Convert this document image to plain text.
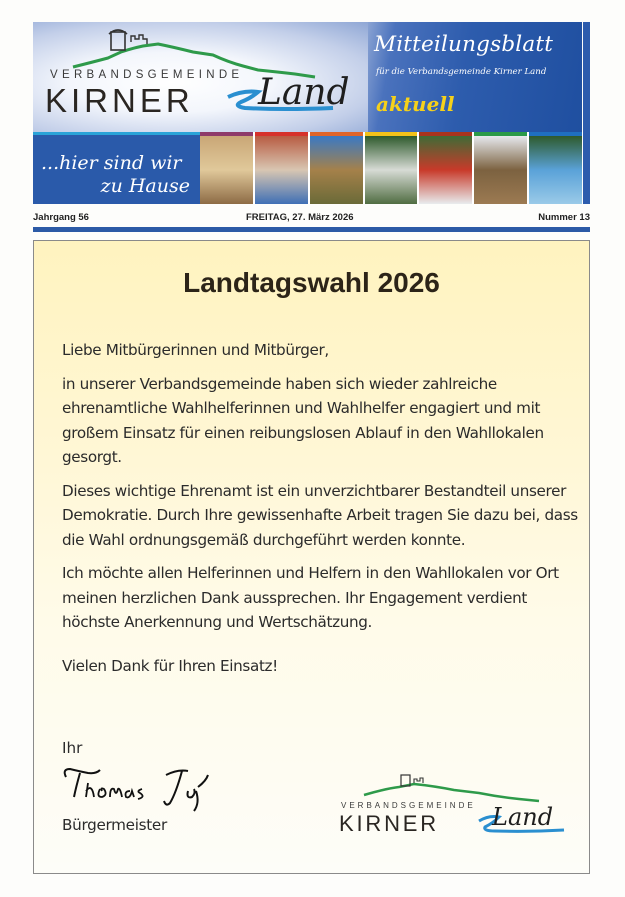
VERBANDSGEMEINDE
KIRNER Land
Mitteilungsblatt
für die Verbandsgemeinde Kirner Land
aktuell
...hier sind wir
zu Hause
Jahrgang 56	FREITAG, 27. März 2026	Nummer 13
Landtagswahl 2026

Liebe Mitbürgerinnen und Mitbürger,

in unserer Verbandsgemeinde haben sich wieder zahlreiche ehrenamtliche Wahlhelferinnen und Wahlhelfer engagiert und mit großem Einsatz für einen reibungslosen Ablauf in den Wahllokalen gesorgt.

Dieses wichtige Ehrenamt ist ein unverzichtbarer Bestandteil unserer Demokratie. Durch Ihre gewissenhafte Arbeit tragen Sie dazu bei, dass die Wahl ordnungsgemäß durchgeführt werden konnte.

Ich möchte allen Helferinnen und Helfern in den Wahllokalen vor Ort meinen herzlichen Dank aussprechen. Ihr Engagement verdient höchste Anerkennung und Wertschätzung.

Vielen Dank für Ihren Einsatz!

Ihr
Bürgermeister
VERBANDSGEMEINDE
KIRNER Land
